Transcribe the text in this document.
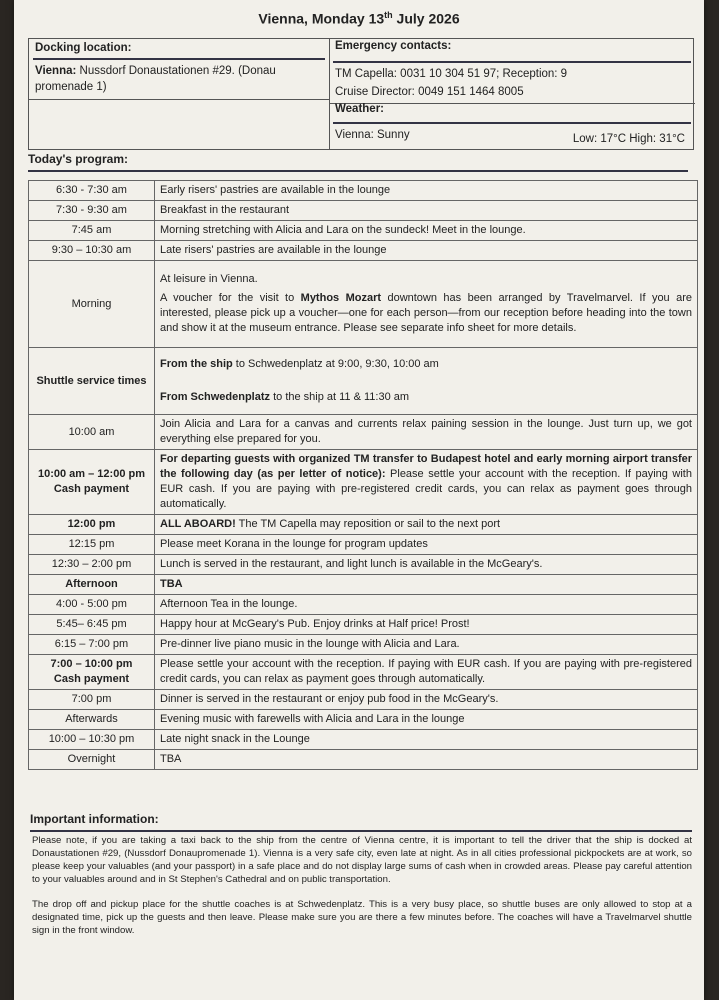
Vienna, Monday 13th July 2026
Docking location:
Vienna: Nussdorf Donaustationen #29. (Donau promenade 1)
Emergency contacts:
TM Capella: 0031 10 304 51 97; Reception: 9
Cruise Director: 0049 151 1464 8005
Weather:
Vienna: Sunny	Low: 17°C High: 31°C
Today's program:
6:30 - 7:30 am	Early risers' pastries are available in the lounge
7:30 - 9:30 am	Breakfast in the restaurant
7:45 am	Morning stretching with Alicia and Lara on the sundeck! Meet in the lounge.
9:30 – 10:30 am	Late risers' pastries are available in the lounge
Morning	At leisure in Vienna.
A voucher for the visit to Mythos Mozart downtown has been arranged by Travelmarvel. If you are interested, please pick up a voucher—one for each person—from our reception before heading into the town and show it at the museum entrance. Please see separate info sheet for more details.

Shuttle service times	From the ship to Schwedenplatz at 9:00, 9:30, 10:00 am
From Schwedenplatz to the ship at 11 & 11:30 am

10:00 am	Join Alicia and Lara for a canvas and currents relax paining session in the lounge. Just turn up, we got everything else prepared for you.

10:00 am – 12:00 pm
Cash payment	For departing guests with organized TM transfer to Budapest hotel and early morning airport transfer the following day (as per letter of notice): Please settle your account with the reception. If paying with EUR cash. If you are paying with pre-registered credit cards, you can relax as payment goes through automatically.
12:00 pm	ALL ABOARD! The TM Capella may reposition or sail to the next port
12:15 pm	Please meet Korana in the lounge for program updates
12:30 – 2:00 pm	Lunch is served in the restaurant, and light lunch is available in the McGeary's.
Afternoon	TBA
4:00 - 5:00 pm	Afternoon Tea in the lounge.
5:45– 6:45 pm	Happy hour at McGeary's Pub. Enjoy drinks at Half price! Prost!
6:15 – 7:00 pm	Pre-dinner live piano music in the lounge with Alicia and Lara.

7:00 – 10:00 pm
Cash payment	Please settle your account with the reception. If paying with EUR cash. If you are paying with pre-registered credit cards, you can relax as payment goes through automatically.
7:00 pm	Dinner is served in the restaurant or enjoy pub food in the McGeary's.
Afterwards	Evening music with farewells with Alicia and Lara in the lounge
10:00 – 10:30 pm	Late night snack in the Lounge
Overnight	TBA
Important information:
Please note, if you are taking a taxi back to the ship from the centre of Vienna centre, it is important to tell the driver that the ship is docked at Donaustationen #29, (Nussdorf Donaupromenade 1). Vienna is a very safe city, even late at night. As in all cities professional pickpockets are at work, so please keep your valuables (and your passport) in a safe place and do not display large sums of cash when in crowded areas. Please pay careful attention to your valuables around and in St Stephen's Cathedral and on public transportation.
The drop off and pickup place for the shuttle coaches is at Schwedenplatz. This is a very busy place, so shuttle buses are only allowed to stop at a designated time, pick up the guests and then leave. Please make sure you are there a few minutes before. The coaches will have a Travelmarvel shuttle sign in the front window.
